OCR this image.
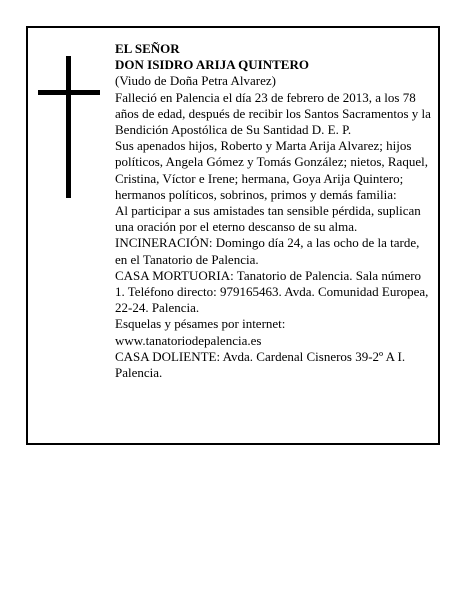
EL SEÑOR

DON ISIDRO ARIJA QUINTERO

(Viudo de Doña Petra Alvarez)

Falleció en Palencia el día 23 de febrero de 2013, a los 78 años de edad, después de recibir los Santos Sacramentos y la Bendición Apostólica de Su Santidad D. E. P.

Sus apenados hijos, Roberto y Marta Arija Alvarez; hijos políticos, Angela Gómez y Tomás González; nietos, Raquel, Cristina, Víctor e Irene; hermana, Goya Arija Quintero; hermanos políticos, sobrinos, primos y demás familia:

Al participar a sus amistades tan sensible pérdida, suplican una oración por el eterno descanso de su alma.

INCINERACIÓN: Domingo día 24, a las ocho de la tarde, en el Tanatorio de Palencia.

CASA MORTUORIA: Tanatorio de Palencia. Sala número 1. Teléfono directo: 979165463. Avda. Comunidad Europea, 22-24. Palencia.

Esquelas y pésames por internet: www.tanatoriodepalencia.es

CASA DOLIENTE: Avda. Cardenal Cisneros 39-2º A I. Palencia.
